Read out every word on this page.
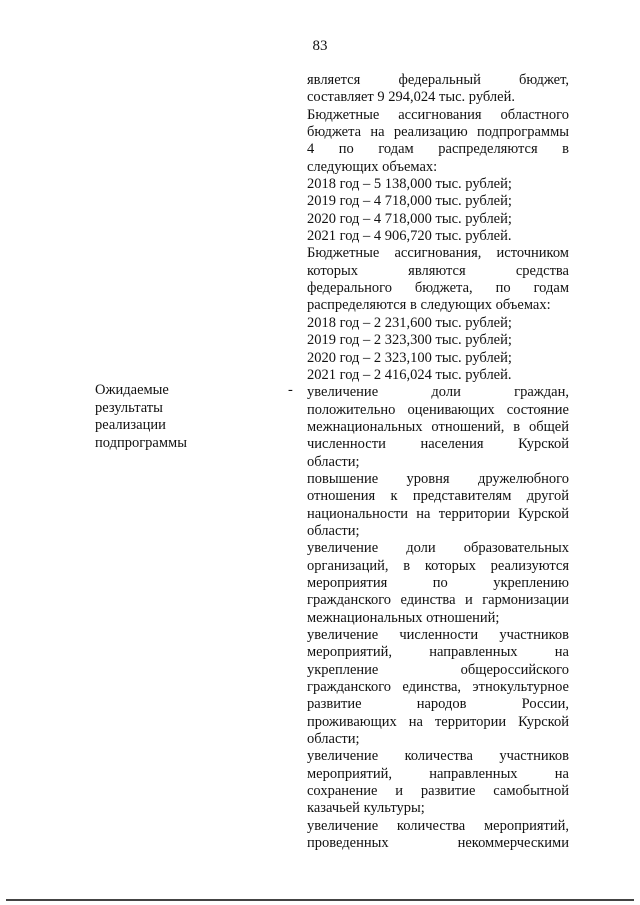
83
Ожидаемые
результаты
реализации
подпрограммы
-
является федеральный бюджет,
составляет 9 294,024 тыс. рублей.
Бюджетные ассигнования областного
бюджета на реализацию подпрограммы
4 по годам распределяются в
следующих объемах:
2018 год – 5 138,000 тыс. рублей;
2019 год – 4 718,000 тыс. рублей;
2020 год – 4 718,000 тыс. рублей;
2021 год – 4 906,720 тыс. рублей.
Бюджетные ассигнования, источником
которых являются средства
федерального бюджета, по годам
распределяются в следующих объемах:
2018 год – 2 231,600 тыс. рублей;
2019 год – 2 323,300 тыс. рублей;
2020 год – 2 323,100 тыс. рублей;
2021 год – 2 416,024 тыс. рублей.
увеличение доли граждан,
положительно оценивающих состояние
межнациональных отношений, в общей
численности населения Курской
области;
повышение уровня дружелюбного
отношения к представителям другой
национальности на территории Курской
области;
увеличение доли образовательных
организаций, в которых реализуются
мероприятия по укреплению
гражданского единства и гармонизации
межнациональных отношений;
увеличение численности участников
мероприятий, направленных на
укрепление общероссийского
гражданского единства, этнокультурное
развитие народов России,
проживающих на территории Курской
области;
увеличение количества участников
мероприятий, направленных на
сохранение и развитие самобытной
казачьей культуры;
увеличение количества мероприятий,
проведенных некоммерческими
